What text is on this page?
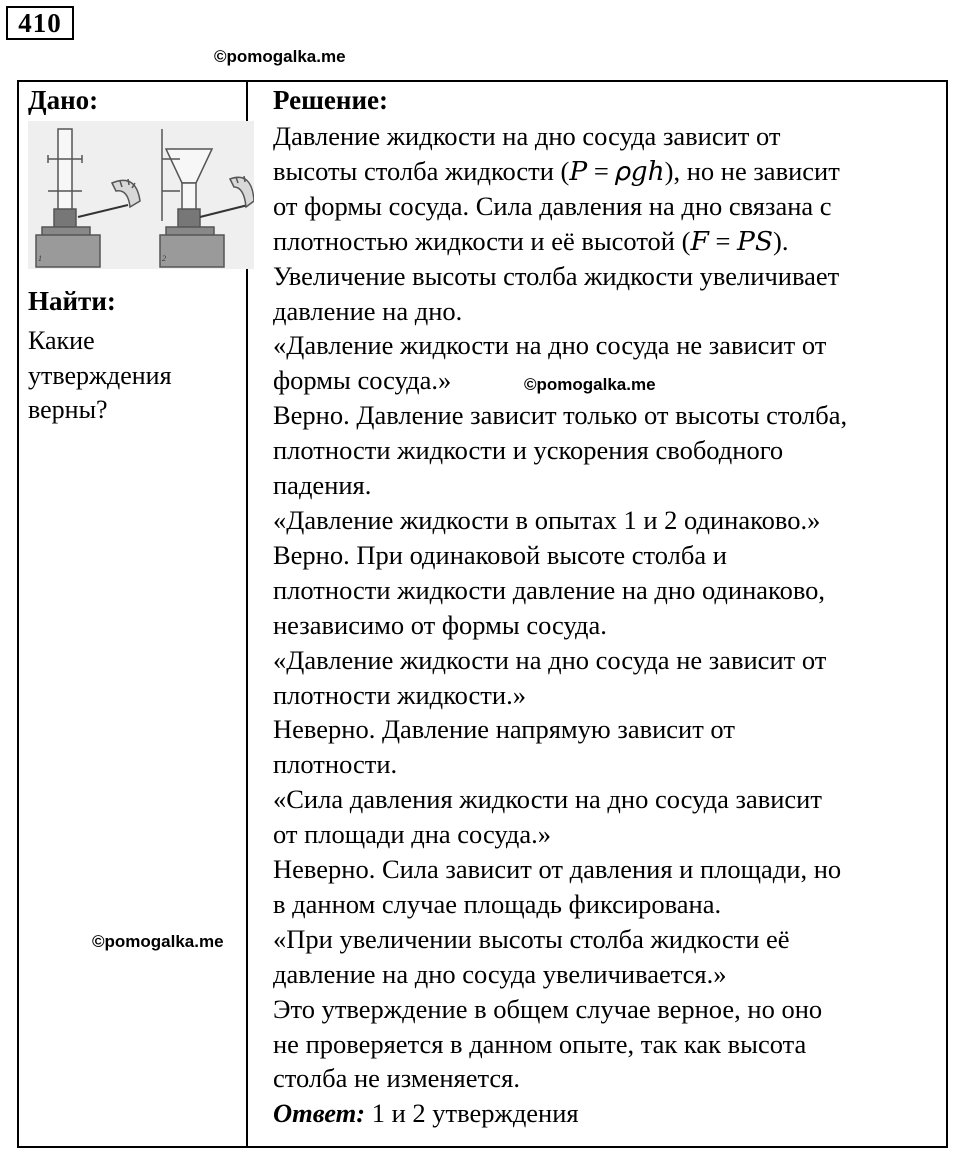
410
©pomogalka.me
Дано:
1	2
Найти:
Какие
утверждения
верны?
Решение:
Давление жидкости на дно сосуда зависит от
высоты столба жидкости (𝑃 = 𝜌𝑔ℎ), но не зависит
от формы сосуда. Сила давления на дно связана с
плотностью жидкости и её высотой (𝐹 = 𝑃𝑆).
Увеличение высоты столба жидкости увеличивает
давление на дно.
«Давление жидкости на дно сосуда не зависит от
формы сосуда.»
Верно. Давление зависит только от высоты столба,
плотности жидкости и ускорения свободного
падения.
«Давление жидкости в опытах 1 и 2 одинаково.»
Верно. При одинаковой высоте столба и
плотности жидкости давление на дно одинаково,
независимо от формы сосуда.
«Давление жидкости на дно сосуда не зависит от
плотности жидкости.»
Неверно. Давление напрямую зависит от
плотности.
«Сила давления жидкости на дно сосуда зависит
от площади дна сосуда.»
Неверно. Сила зависит от давления и площади, но
в данном случае площадь фиксирована.
«При увеличении высоты столба жидкости её
давление на дно сосуда увеличивается.»
Это утверждение в общем случае верное, но оно
не проверяется в данном опыте, так как высота
столба не изменяется.
Ответ: 1 и 2 утверждения
©pomogalka.me
©pomogalka.me
